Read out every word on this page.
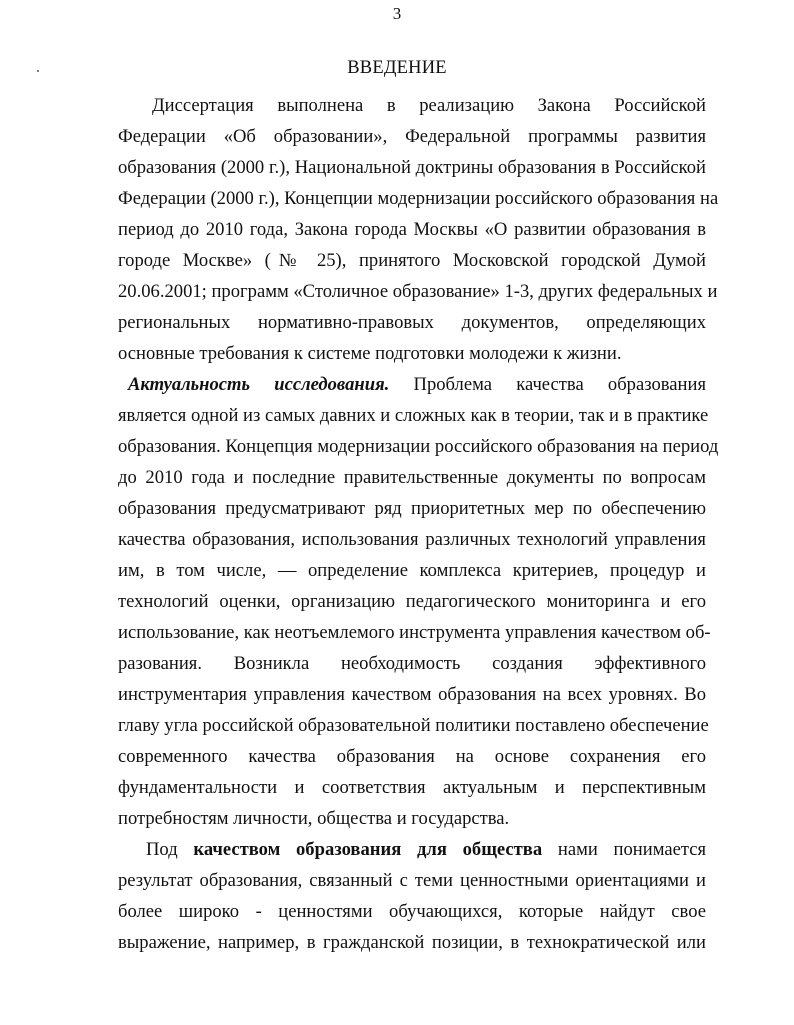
3
ВВЕДЕНИЕ
Диссертация выполнена в реализацию Закона Российской
Федерации «Об образовании», Федеральной программы развития
образования (2000 г.), Национальной доктрины образования в Российской
Федерации (2000 г.), Концепции модернизации российского образования на
период до 2010 года, Закона города Москвы «О развитии образования в
городе Москве» (№ 25), принятого Московской городской Думой
20.06.2001; программ «Столичное образование» 1-3, других федеральных и
региональных нормативно-правовых документов, определяющих
основные требования к системе подготовки молодежи к жизни.
Актуальность исследования. Проблема качества образования
является одной из самых давних и сложных как в теории, так и в практике
образования. Концепция модернизации российского образования на период
до 2010 года и последние правительственные документы по вопросам
образования предусматривают ряд приоритетных мер по обеспечению
качества образования, использования различных технологий управления
им, в том числе, — определение комплекса критериев, процедур и
технологий оценки, организацию педагогического мониторинга и его
использование, как неотъемлемого инструмента управления качеством об-
разования. Возникла необходимость создания эффективного
инструментария управления качеством образования на всех уровнях. Во
главу угла российской образовательной политики поставлено обеспечение
современного качества образования на основе сохранения его
фундаментальности и соответствия актуальным и перспективным
потребностям личности, общества и государства.
Под качеством образования для общества нами понимается
результат образования, связанный с теми ценностными ориентациями и
более широко - ценностями обучающихся, которые найдут свое
выражение, например, в гражданской позиции, в технократической или
